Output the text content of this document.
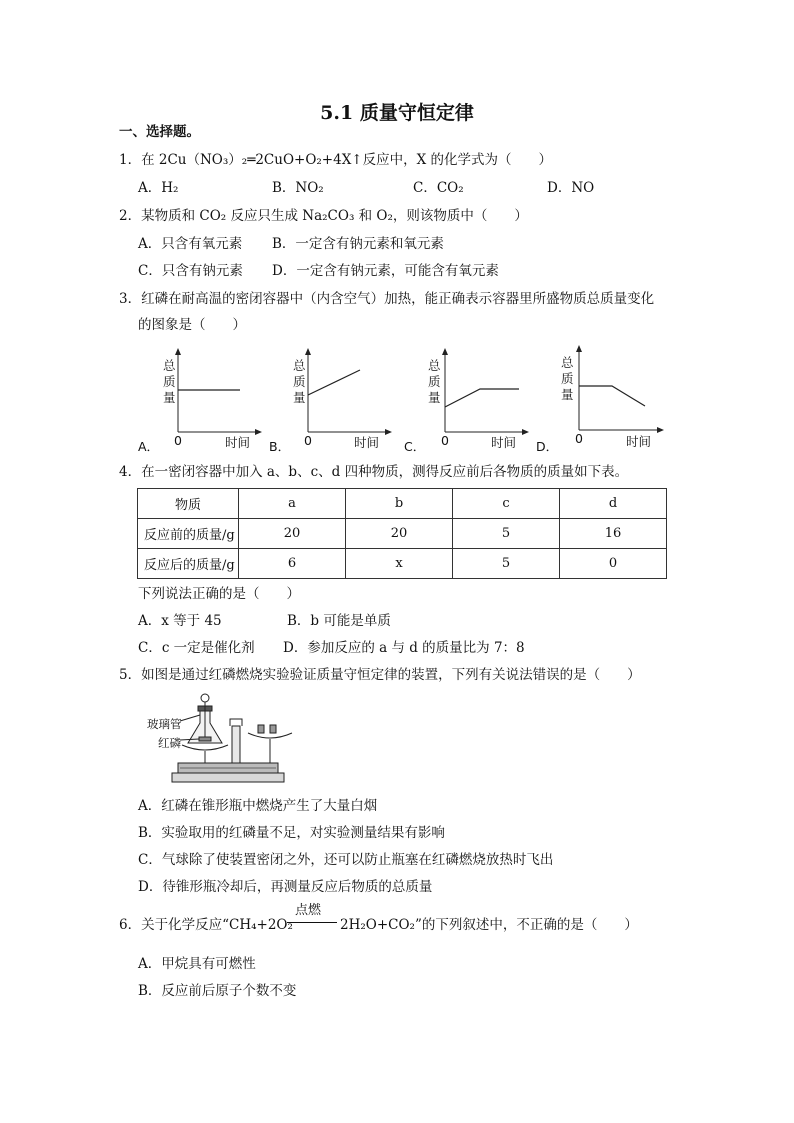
5.1 质量守恒定律
一、选择题。
1．在 2Cu（NO₃）₂═2CuO+O₂+4X↑反应中，X 的化学式为（　　）
A．H₂	B．NO₂	C．CO₂	D．NO
2．某物质和 CO₂ 反应只生成 Na₂CO₃ 和 O₂，则该物质中（　　）
A．只含有氧元素 B．一定含有钠元素和氧元素
C．只含有钠元素 D．一定含有钠元素，可能含有氧元素
3．红磷在耐高温的密闭容器中（内含空气）加热，能正确表示容器里所盛物质总质量变化
的图象是（　　）
A．
总
质
量
0	时间 B．
总
质
量
0	时间 C．
总
质
量
0	时间 D．
总
质
量
0	时间
4．在一密闭容器中加入 a、b、c、d 四种物质，测得反应前后各物质的质量如下表。
物质	a	b	c	d
反应前的质量/g	20	20	5	16
反应后的质量/g	6	x	5	0
下列说法正确的是（　　）
A．x 等于 45	B．b 可能是单质
C．c 一定是催化剂 D．参加反应的 a 与 d 的质量比为 7：8
5．如图是通过红磷燃烧实验验证质量守恒定律的装置，下列有关说法错误的是（　　）
玻璃管
红磷
A．红磷在锥形瓶中燃烧产生了大量白烟
B．实验取用的红磷量不足，对实验测量结果有影响
C．气球除了使装置密闭之外，还可以防止瓶塞在红磷燃烧放热时飞出
D．待锥形瓶冷却后，再测量反应后物质的总质量
6．关于化学反应“CH₄+2O₂
点燃
2H₂O+CO₂”的下列叙述中，不正确的是（　　）
A．甲烷具有可燃性
B．反应前后原子个数不变
